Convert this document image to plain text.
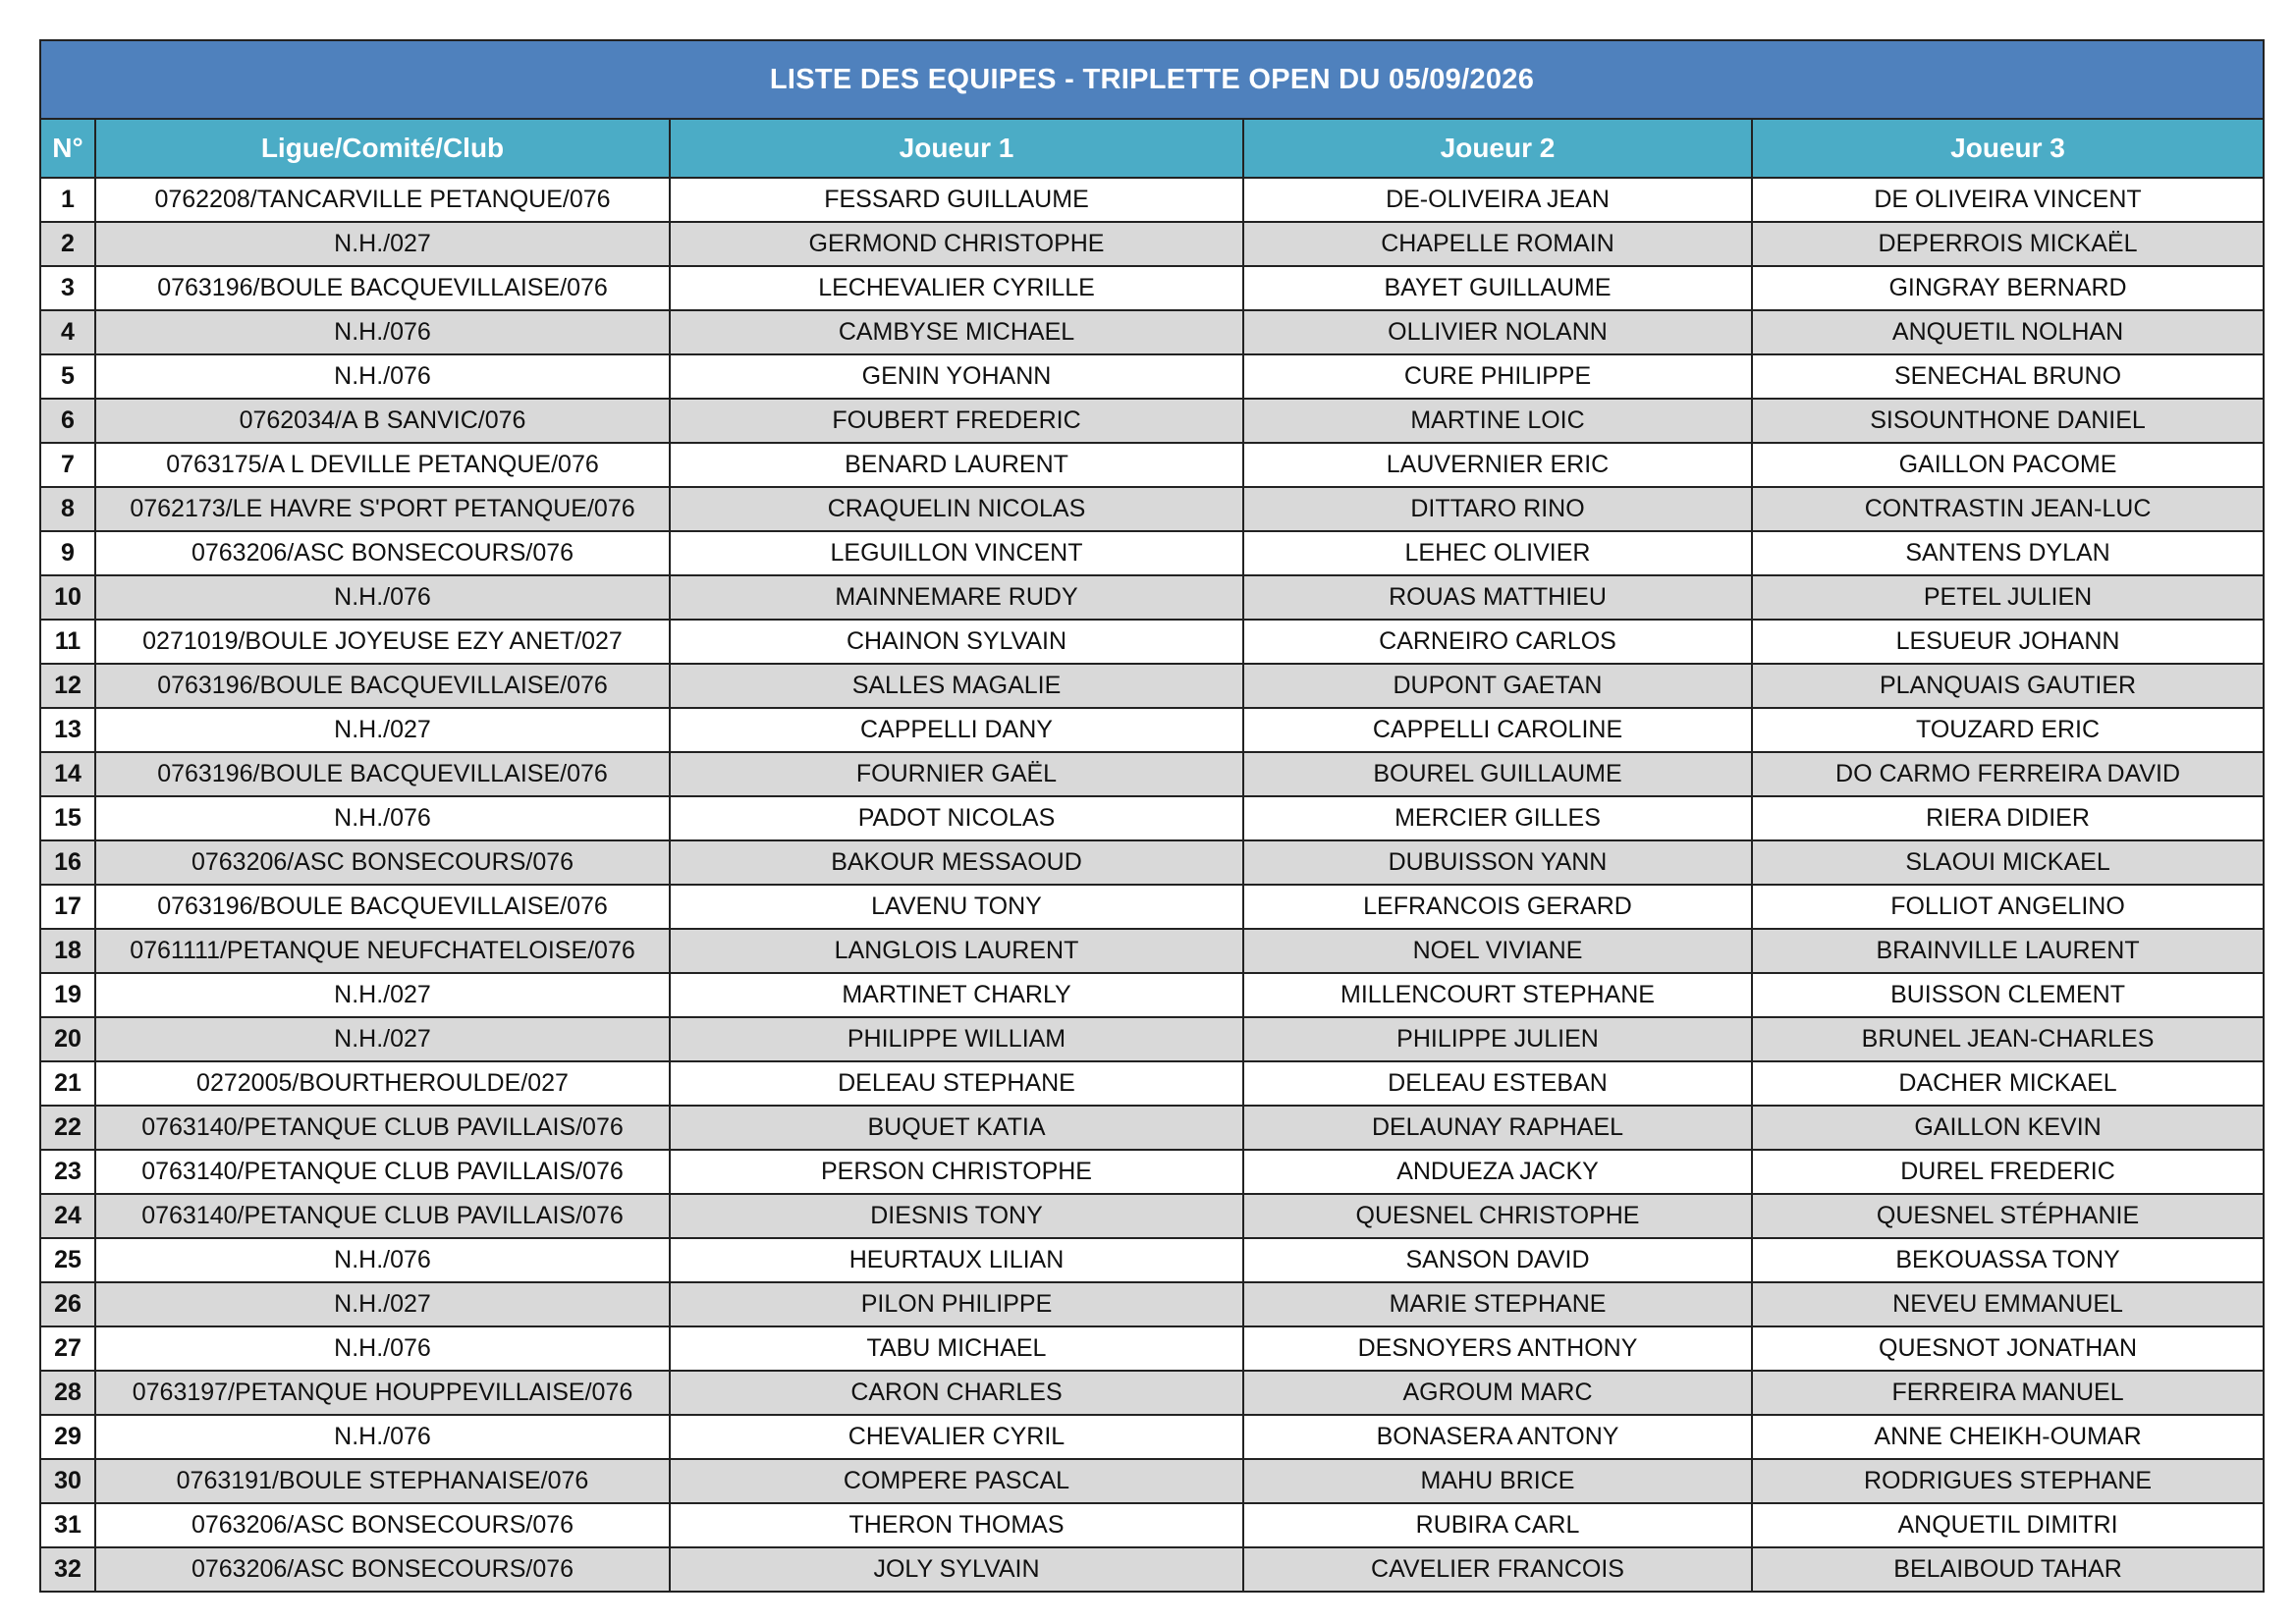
LISTE DES EQUIPES - TRIPLETTE OPEN DU 05/09/2026				
N°	Ligue/Comité/Club	Joueur 1	Joueur 2	Joueur 3
1	0762208/TANCARVILLE PETANQUE/076	FESSARD GUILLAUME	DE-OLIVEIRA JEAN	DE OLIVEIRA VINCENT
2	N.H./027	GERMOND CHRISTOPHE	CHAPELLE ROMAIN	DEPERROIS MICKAËL
3	0763196/BOULE BACQUEVILLAISE/076	LECHEVALIER CYRILLE	BAYET GUILLAUME	GINGRAY BERNARD
4	N.H./076	CAMBYSE MICHAEL	OLLIVIER NOLANN	ANQUETIL NOLHAN
5	N.H./076	GENIN YOHANN	CURE PHILIPPE	SENECHAL BRUNO
6	0762034/A B SANVIC/076	FOUBERT FREDERIC	MARTINE LOIC	SISOUNTHONE DANIEL
7	0763175/A L DEVILLE PETANQUE/076	BENARD LAURENT	LAUVERNIER ERIC	GAILLON PACOME
8	0762173/LE HAVRE S'PORT PETANQUE/076	CRAQUELIN NICOLAS	DITTARO RINO	CONTRASTIN JEAN-LUC
9	0763206/ASC BONSECOURS/076	LEGUILLON VINCENT	LEHEC OLIVIER	SANTENS DYLAN
10	N.H./076	MAINNEMARE RUDY	ROUAS MATTHIEU	PETEL JULIEN
11	0271019/BOULE JOYEUSE EZY ANET/027	CHAINON SYLVAIN	CARNEIRO CARLOS	LESUEUR JOHANN
12	0763196/BOULE BACQUEVILLAISE/076	SALLES MAGALIE	DUPONT GAETAN	PLANQUAIS GAUTIER
13	N.H./027	CAPPELLI DANY	CAPPELLI CAROLINE	TOUZARD ERIC
14	0763196/BOULE BACQUEVILLAISE/076	FOURNIER GAËL	BOUREL GUILLAUME	DO CARMO FERREIRA DAVID
15	N.H./076	PADOT NICOLAS	MERCIER GILLES	RIERA DIDIER
16	0763206/ASC BONSECOURS/076	BAKOUR MESSAOUD	DUBUISSON YANN	SLAOUI MICKAEL
17	0763196/BOULE BACQUEVILLAISE/076	LAVENU TONY	LEFRANCOIS GERARD	FOLLIOT ANGELINO
18	0761111/PETANQUE NEUFCHATELOISE/076	LANGLOIS LAURENT	NOEL VIVIANE	BRAINVILLE LAURENT
19	N.H./027	MARTINET CHARLY	MILLENCOURT STEPHANE	BUISSON CLEMENT
20	N.H./027	PHILIPPE WILLIAM	PHILIPPE JULIEN	BRUNEL JEAN-CHARLES
21	0272005/BOURTHEROULDE/027	DELEAU STEPHANE	DELEAU ESTEBAN	DACHER MICKAEL
22	0763140/PETANQUE CLUB PAVILLAIS/076	BUQUET KATIA	DELAUNAY RAPHAEL	GAILLON KEVIN
23	0763140/PETANQUE CLUB PAVILLAIS/076	PERSON CHRISTOPHE	ANDUEZA JACKY	DUREL FREDERIC
24	0763140/PETANQUE CLUB PAVILLAIS/076	DIESNIS TONY	QUESNEL CHRISTOPHE	QUESNEL STÉPHANIE
25	N.H./076	HEURTAUX LILIAN	SANSON DAVID	BEKOUASSA TONY
26	N.H./027	PILON PHILIPPE	MARIE STEPHANE	NEVEU EMMANUEL
27	N.H./076	TABU MICHAEL	DESNOYERS ANTHONY	QUESNOT JONATHAN
28	0763197/PETANQUE HOUPPEVILLAISE/076	CARON CHARLES	AGROUM MARC	FERREIRA MANUEL
29	N.H./076	CHEVALIER CYRIL	BONASERA ANTONY	ANNE CHEIKH-OUMAR
30	0763191/BOULE STEPHANAISE/076	COMPERE PASCAL	MAHU BRICE	RODRIGUES STEPHANE
31	0763206/ASC BONSECOURS/076	THERON THOMAS	RUBIRA CARL	ANQUETIL DIMITRI
32	0763206/ASC BONSECOURS/076	JOLY SYLVAIN	CAVELIER FRANCOIS	BELAIBOUD TAHAR
